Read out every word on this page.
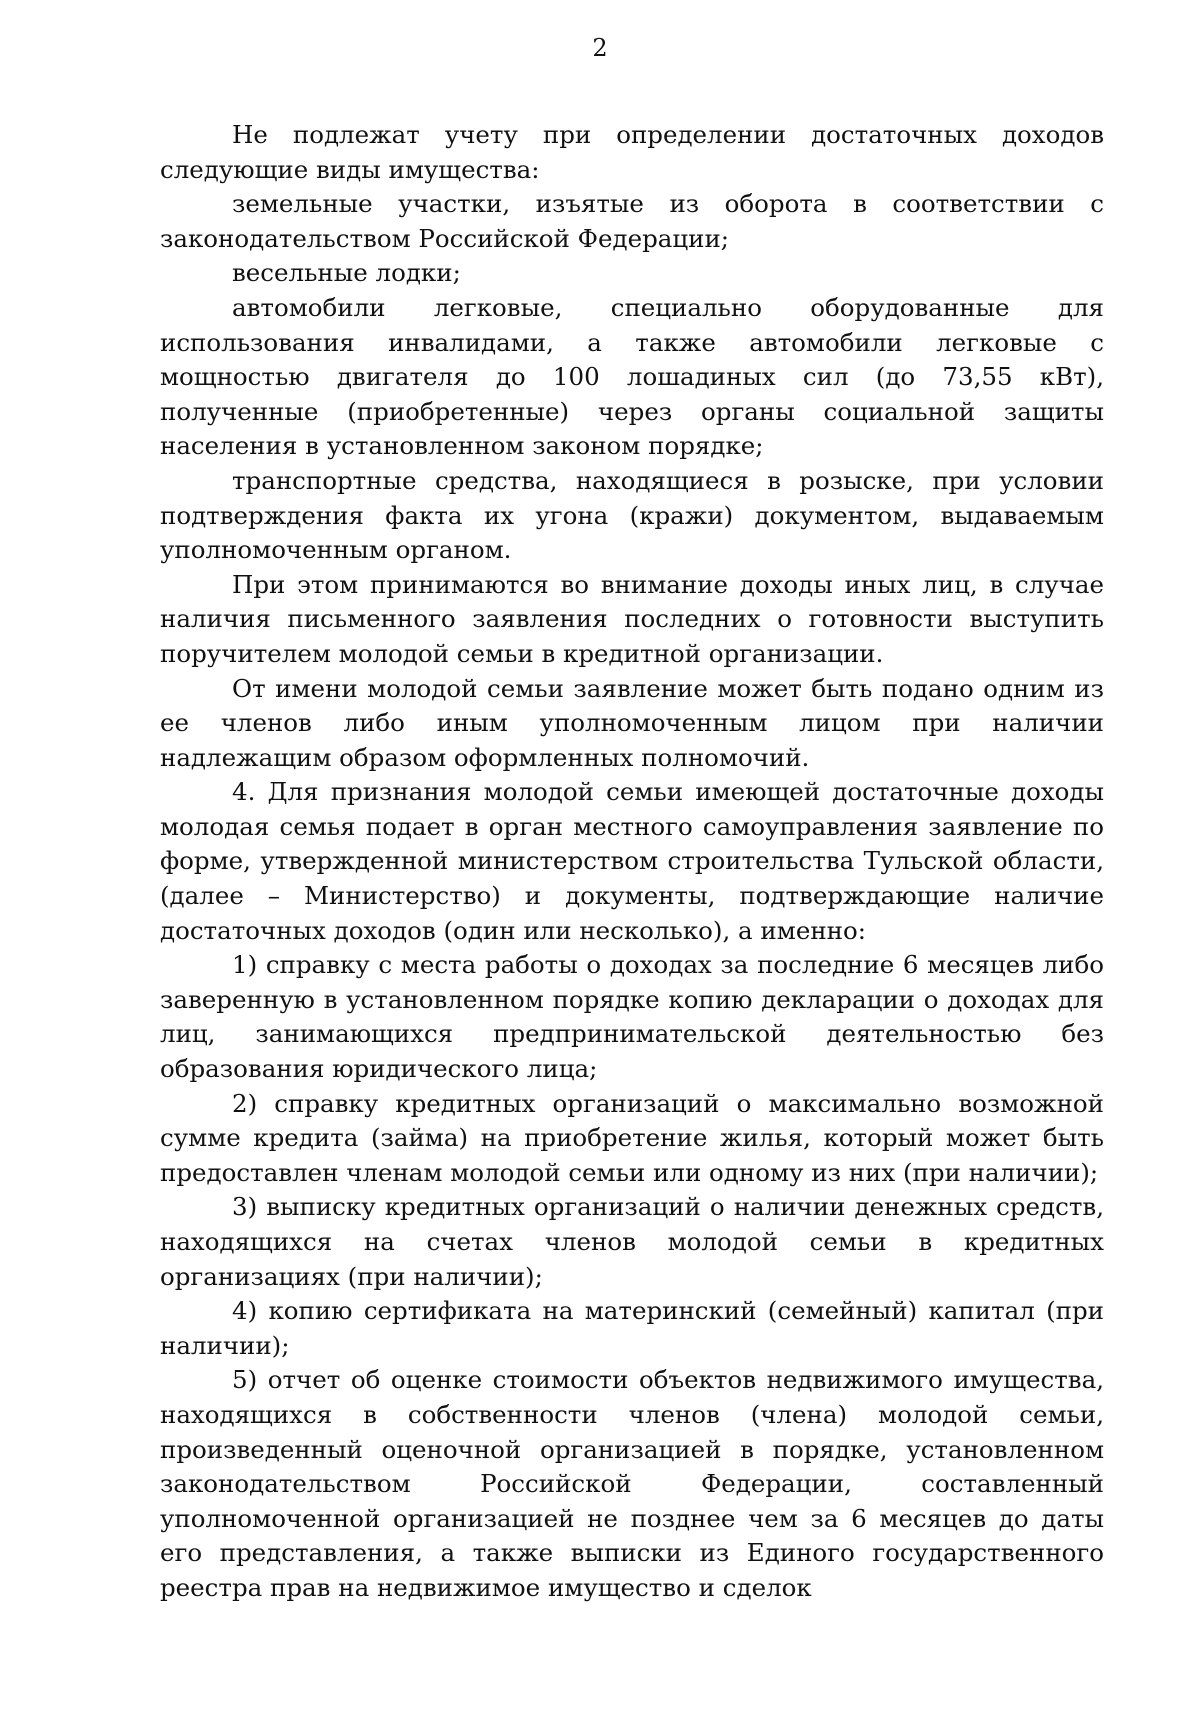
2

Не подлежат учету при определении достаточных доходов следующие виды имущества:

земельные участки, изъятые из оборота в соответствии с законодательством Российской Федерации;

весельные лодки;

автомобили легковые, специально оборудованные для использования инвалидами, а также автомобили легковые с мощностью двигателя до 100 лошадиных сил (до 73,55 кВт), полученные (приобретенные) через органы социальной защиты населения в установленном законом порядке;

транспортные средства, находящиеся в розыске, при условии подтверждения факта их угона (кражи) документом, выдаваемым уполномоченным органом.

При этом принимаются во внимание доходы иных лиц, в случае наличия письменного заявления последних о готовности выступить поручителем молодой семьи в кредитной организации.

От имени молодой семьи заявление может быть подано одним из ее членов либо иным уполномоченным лицом при наличии надлежащим образом оформленных полномочий.

4. Для признания молодой семьи имеющей достаточные доходы молодая семья подает в орган местного самоуправления заявление по форме, утвержденной министерством строительства Тульской области, (далее – Министерство) и документы, подтверждающие наличие достаточных доходов (один или несколько), а именно:

1) справку с места работы о доходах за последние 6 месяцев либо заверенную в установленном порядке копию декларации о доходах для лиц, занимающихся предпринимательской деятельностью без образования юридического лица;

2) справку кредитных организаций о максимально возможной сумме кредита (займа) на приобретение жилья, который может быть предоставлен членам молодой семьи или одному из них (при наличии);

3) выписку кредитных организаций о наличии денежных средств, находящихся на счетах членов молодой семьи в кредитных организациях (при наличии);

4) копию сертификата на материнский (семейный) капитал (при наличии);

5) отчет об оценке стоимости объектов недвижимого имущества, находящихся в собственности членов (члена) молодой семьи, произведенный оценочной организацией в порядке, установленном законодательством Российской Федерации, составленный уполномоченной организацией не позднее чем за 6 месяцев до даты его представления, а также выписки из Единого государственного реестра прав на недвижимое имущество и сделок
